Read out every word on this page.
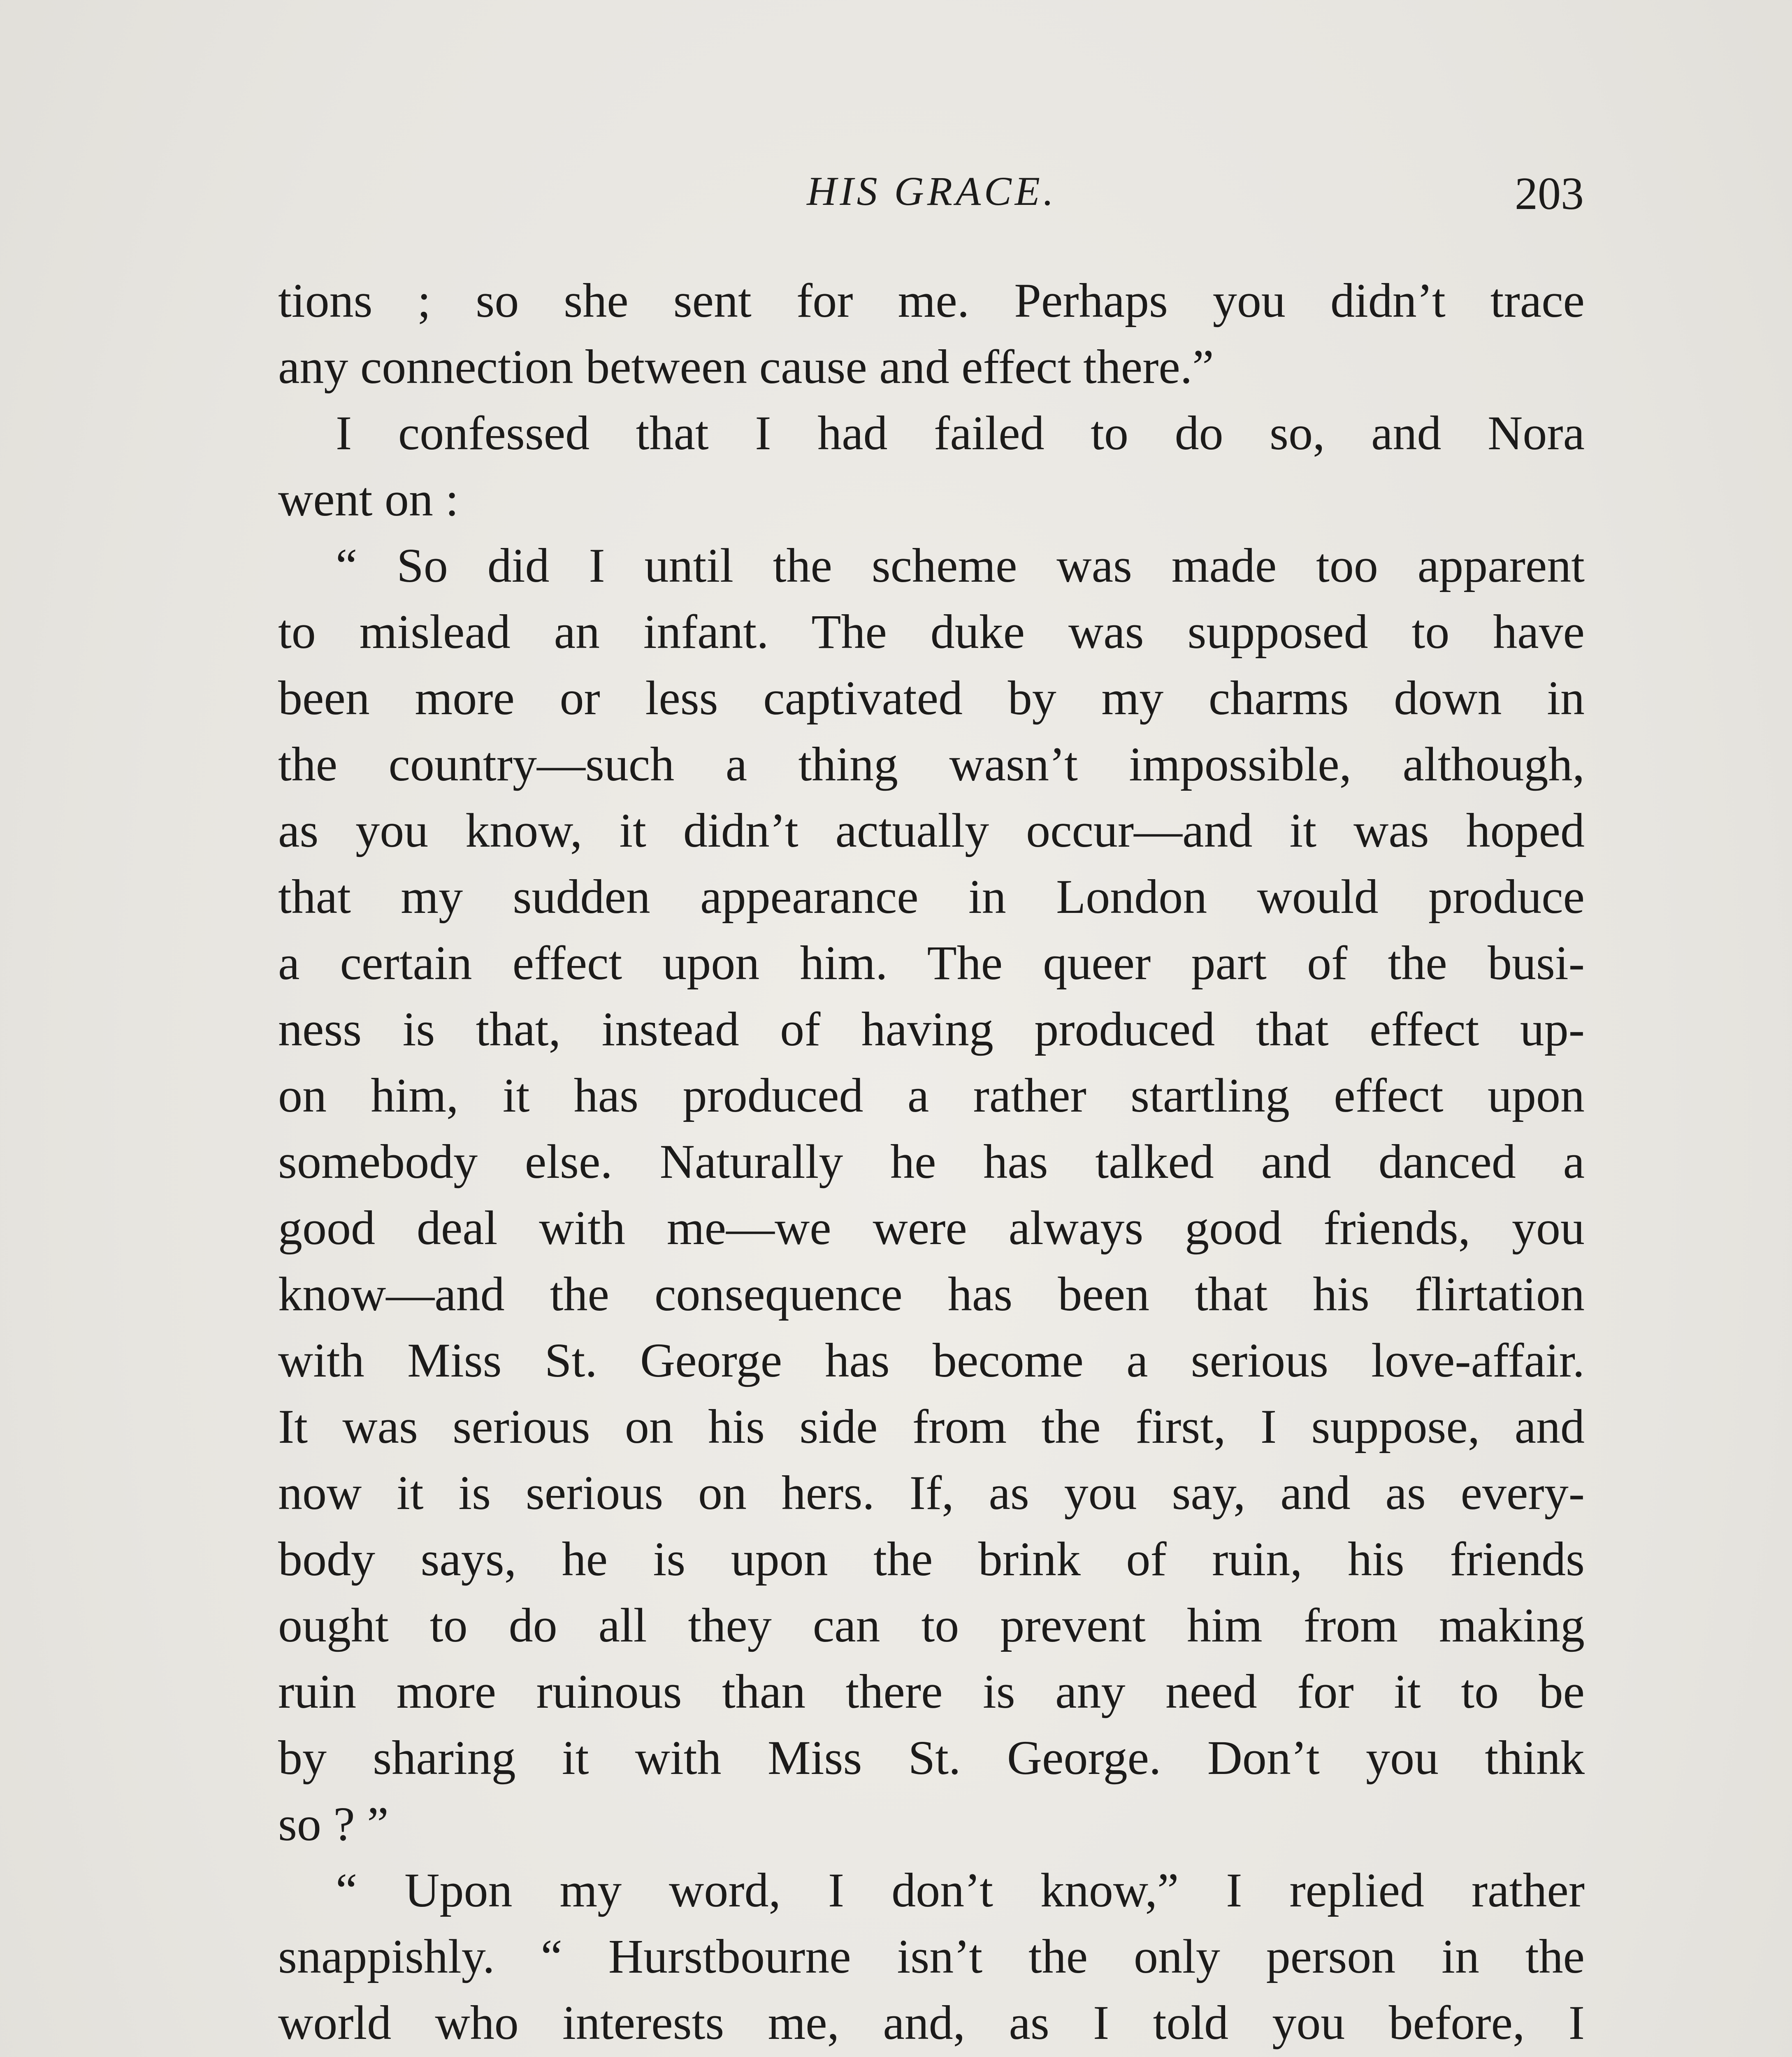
HIS GRACE.	203
tions ; so she sent for me. Perhaps you didn’t trace
any connection between cause and effect there.”
I confessed that I had failed to do so, and Nora
went on :
“ So did I until the scheme was made too apparent
to mislead an infant. The duke was supposed to have
been more or less captivated by my charms down in
the country—such a thing wasn’t impossible, although,
as you know, it didn’t actually occur—and it was hoped
that my sudden appearance in London would produce
a certain effect upon him. The queer part of the busi-
ness is that, instead of having produced that effect up-
on him, it has produced a rather startling effect upon
somebody else. Naturally he has talked and danced a
good deal with me—we were always good friends, you
know—and the consequence has been that his flirtation
with Miss St. George has become a serious love-affair.
It was serious on his side from the first, I suppose, and
now it is serious on hers. If, as you say, and as every-
body says, he is upon the brink of ruin, his friends
ought to do all they can to prevent him from making
ruin more ruinous than there is any need for it to be
by sharing it with Miss St. George. Don’t you think
so ? ”
“ Upon my word, I don’t know,” I replied rather
snappishly. “ Hurstbourne isn’t the only person in the
world who interests me, and, as I told you before, I
